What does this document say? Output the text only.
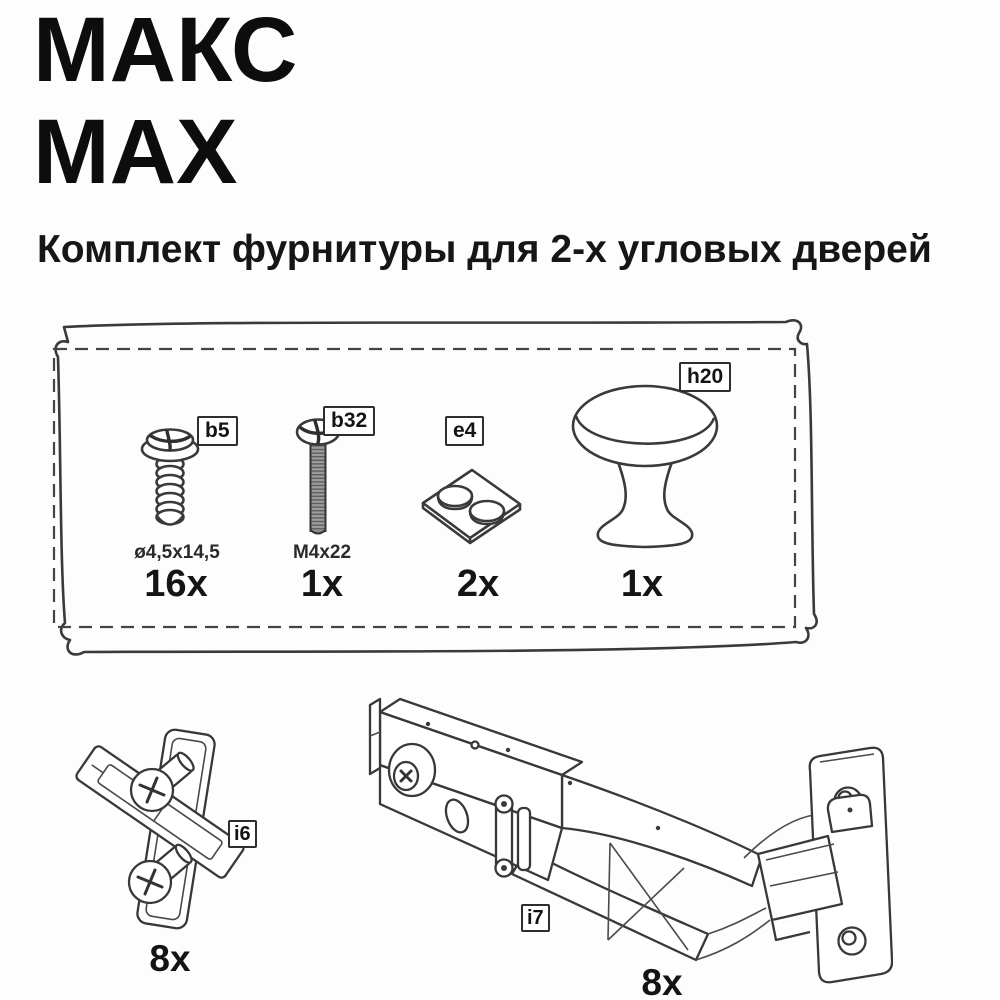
МАКС
MAX
Комплект фурнитуры для 2-х угловых дверей
b5	b32	e4
h20
ø4,5x14,5	M4x22
16x	1x	2x	1x
i6
i7
8x
8x
